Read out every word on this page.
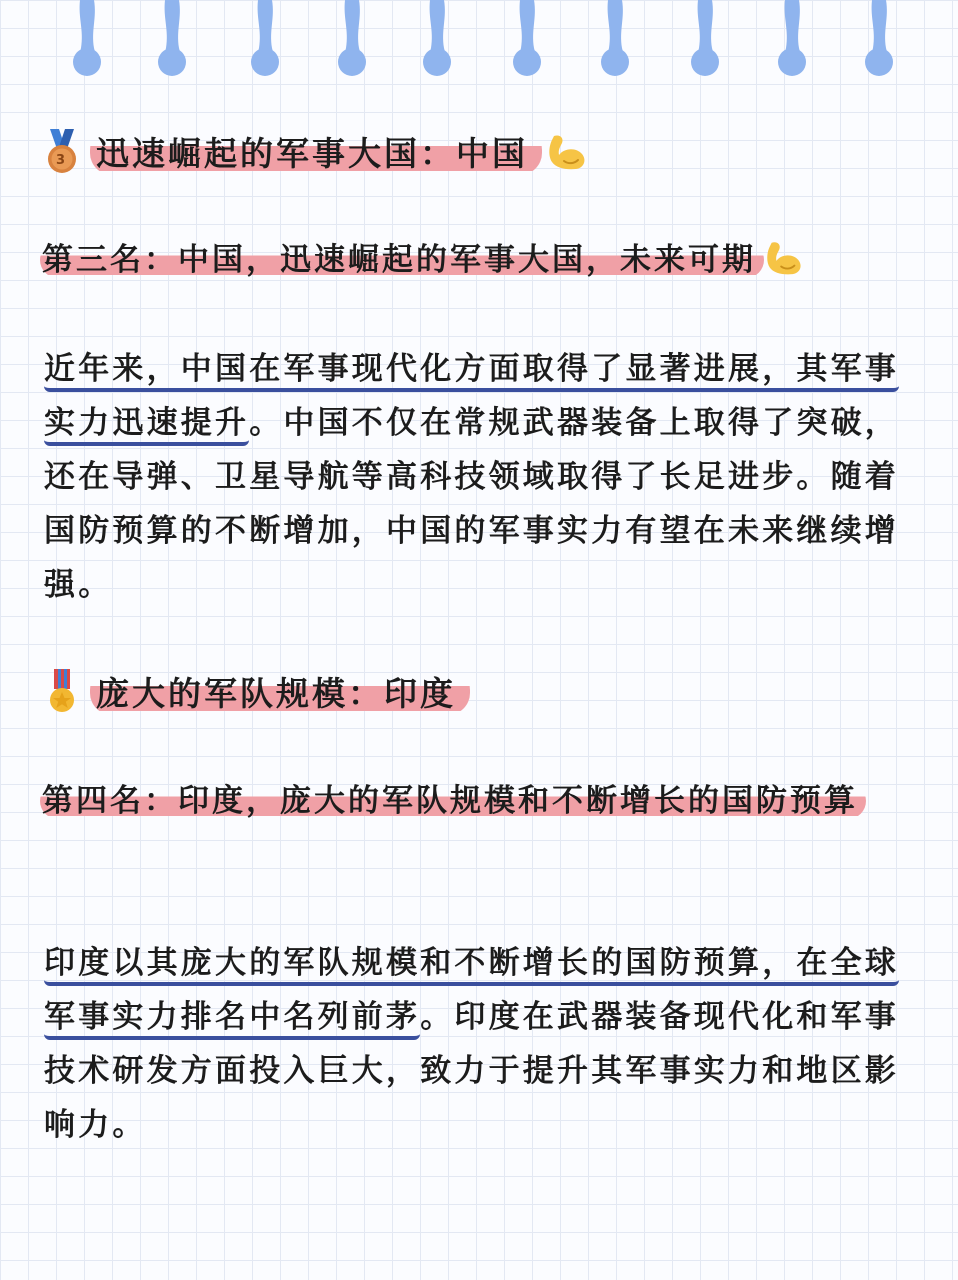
3 迅速崛起的军事大国：中国
第三名：中国，迅速崛起的军事大国，未来可期
近年来，中国在军事现代化方面取得了显著进展，其军事实力迅速提升。中国不仅在常规武器装备上取得了突破，还在导弹、卫星导航等高科技领域取得了长足进步。随着国防预算的不断增加，中国的军事实力有望在未来继续增强。
庞大的军队规模：印度
第四名：印度，庞大的军队规模和不断增长的国防预算
印度以其庞大的军队规模和不断增长的国防预算，在全球军事实力排名中名列前茅。印度在武器装备现代化和军事技术研发方面投入巨大，致力于提升其军事实力和地区影响力。
